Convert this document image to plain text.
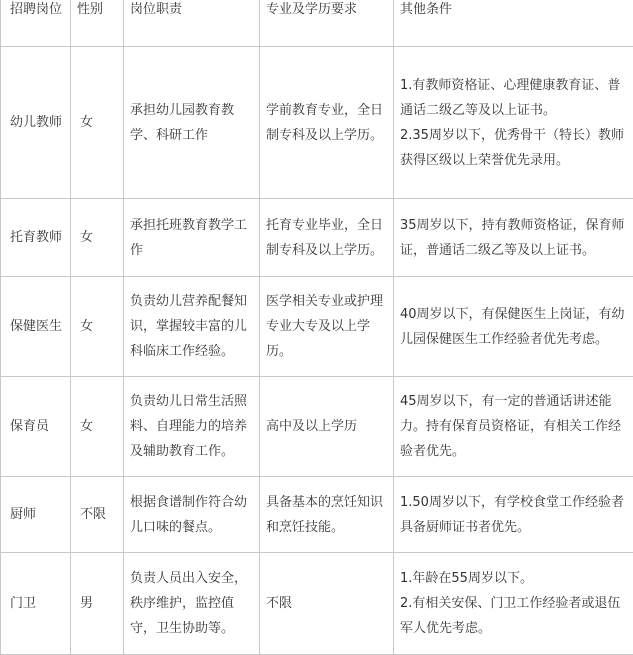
招聘岗位	性别	岗位职责	专业及学历要求	其他条件
幼儿教师	女	承担幼儿园教育教学、科研工作	学前教育专业，全日制专科及以上学历。	1.有教师资格证、心理健康教育证、普通话二级乙等及以上证书。
2.35周岁以下，优秀骨干（特长）教师获得区级以上荣誉优先录用。

托育教师	女	承担托班教育教学工作	托育专业毕业，全日制专科及以上学历。	35周岁以下，持有教师资格证，保育师证，普通话二级乙等及以上证书。

保健医生	女	负责幼儿营养配餐知识，掌握较丰富的儿科临床工作经验。	医学相关专业或护理专业大专及以上学历。	40周岁以下，有保健医生上岗证，有幼儿园保健医生工作经验者优先考虑。

保育员	女	负责幼儿日常生活照料、自理能力的培养及辅助教育工作。	高中及以上学历	45周岁以下，有一定的普通话讲述能力。持有保育员资格证，有相关工作经验者优先。

厨师	不限	根据食谱制作符合幼儿口味的餐点。	具备基本的烹饪知识和烹饪技能。	1.50周岁以下，有学校食堂工作经验者具备厨师证书者优先。

门卫	男	负责人员出入安全，秩序维护，监控值守，卫生协助等。	不限	1.年龄在55周岁以下。
2.有相关安保、门卫工作经验者或退伍军人优先考虑。
